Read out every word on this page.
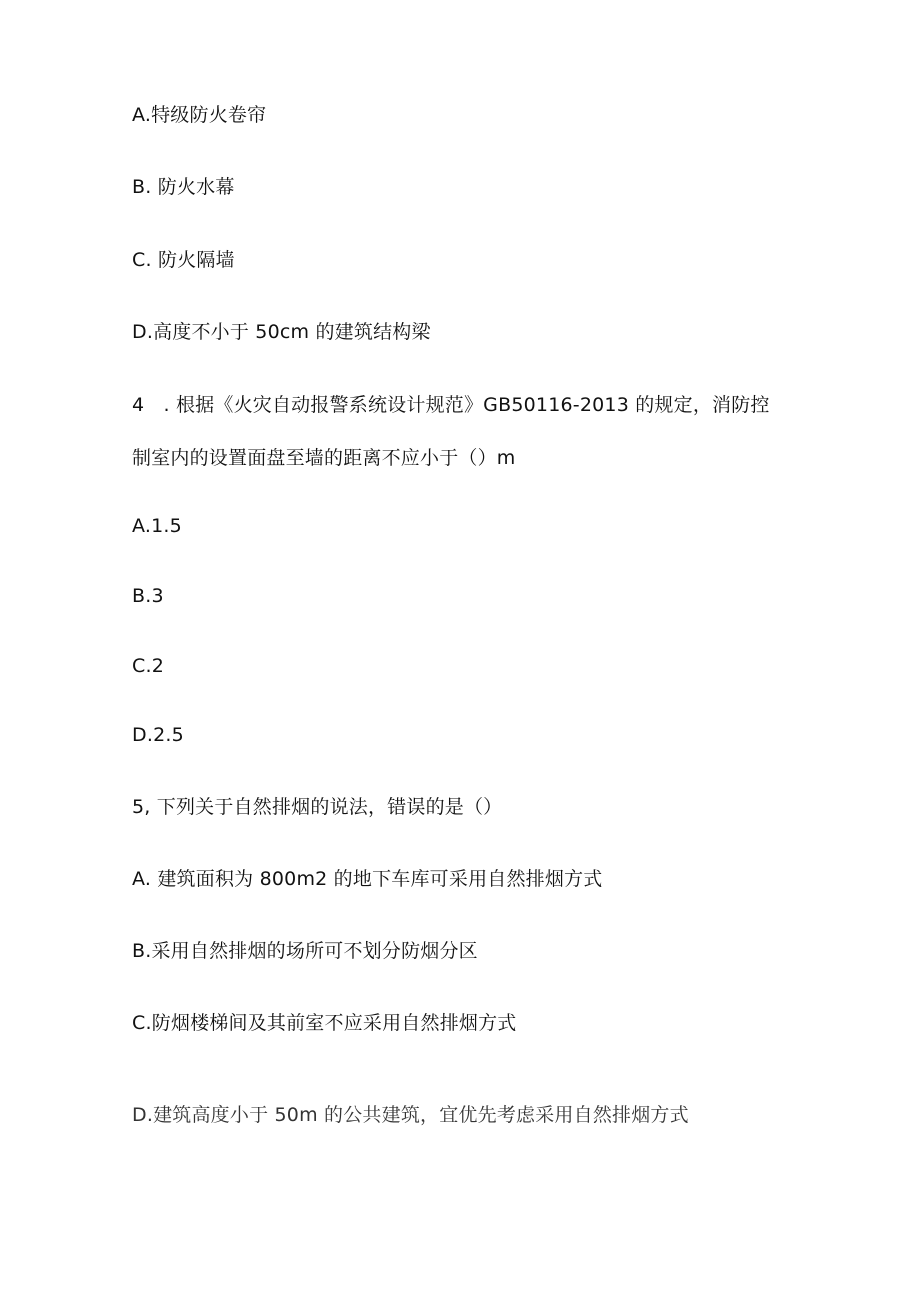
A.特级防火卷帘
B. 防火水幕
C. 防火隔墙
D.高度不小于 50cm 的建筑结构梁
4　. 根据《火灾自动报警系统设计规范》GB50116-2013 的规定，消防控
制室内的设置面盘至墙的距离不应小于（）m
A.1.5
B.3
C.2
D.2.5
5, 下列关于自然排烟的说法，错误的是（）
A. 建筑面积为 800m2 的地下车库可采用自然排烟方式
B.采用自然排烟的场所可不划分防烟分区
C.防烟楼梯间及其前室不应采用自然排烟方式
D.建筑高度小于 50m 的公共建筑，宜优先考虑采用自然排烟方式
